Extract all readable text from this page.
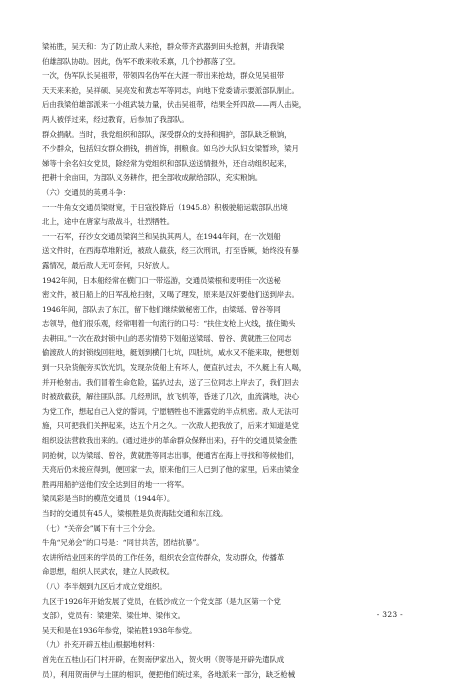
梁祐胜，吴天和：为了防止敌人来抢，群众带齐武器到田头抢割，并请我梁

伯雄部队协助。因此，伪军不敢来收禾禀，几个抄都落了空。

一次，伪军队长吴祖带，带领四名伪军在大涯一带出来抢劫，群众见吴祖带

天天来来抢，吴祥硕、吴亮发和黄志军等同志，向地下党委请示要派部队制止。

后由我梁伯雄部派来一小组武装力量，伏击吴祖带，结果全歼四敌——两人击毙，

两人被俘过来，经过教育，后参加了我部队。

群众捐献。当时，我党组织和部队，深受群众的支持和拥护，部队缺乏粮饷，

不少群众，包括妇女群众捐钱，捐首饰，捐粮食。如乌沙大队妇女梁暂珍，梁月

娣等十余名妇女党员，除经常为党组织和部队送送情报外，还自动组织起来，

把耕十余亩田，为部队义务耕作，把全部收成献给部队，充实粮饷。

（六）交通员的英勇斗争：

一一牛角女交通员梁财宽，于日寇投降后（1945.8）积极驶船运载部队出境

北上，途中在唐家与敌战斗，壮烈牺牲。

一一石军，孖沙女交通员梁润兰和吴执其两人，在1944年间，在一次划船

送文件时，在西海草堆附近，被敌人截获，经三次刑讯，打至昏厥，始终没有暴

露情况，最后敌人无可奈何，只好放人。

1942年间，日本船经常在横门口一带巡游，交通员梁根和麦明佳一次送秘

密文件，被日船上的日军乱枪扫射，又喝了理发，原来是汉奸要他们送到岸去。

1946年间，部队去了东江，留下他们继续做秘密工作，由梁瑶、曾谷等同

志领导，他们很乐观，经常唱着一句流行的口号：“扶住支枪上火线，揸住锄头

去耕田。”一次在敌封锁中山的恶劣情势下划船送梁瑶、曾谷、黄就胜三位同志

偷渡敌人的封锁线回驻地，艇划到横门七坑，四肚坑，咸水又不能来取，便想划

到一只杂货舰旁买饮光饥，发现杂货船上有坏人，便直扒过去，不久艇上有人喝，

并开枪射击。我们冒着生命危险，猛扒过去，送了三位同志上岸去了，我们回去

时被敌截获，解往匪队部。几经刑讯，放飞机等，昏迷了几次，血流满地，决心

为党工作，想起自己入党的誓词，宁愿牺牲也不泄露党的半点机密。敌人无法可

施，只可把我们关押起来，达五个月之久。一次敌人把我放了，后来才知道是党

组织设法营救我出来的。(通过进步的革命群众保释出来)，孖牛的交通员梁金胜

同抢树，以为梁瑶、曾谷，黄就胜等同志出事，便通宵在海上寻找和等候他们，

天亮后仍未接应得到，便回家一去，原来他们三人已到了他的家里，后来由梁金

胜再用船护送他们安全达到目的地一一将军。

梁凤彩是当时的模范交通员（1944年）。

当时的交通员有45人，梁根胜是负责海陆交通和东江线。

（七）“关帝会”属下有十三个分会。

牛角“兄弟会”的口号是：“同甘共苦，团结抗暴”。

农讲所结业回来的学员的工作任务，组织农会宣传群众，发动群众，传播革

命思想，组织人民武农，建立人民政权。

（八）李半烟到九区后才成立党组织。

九区于1926年开始发展了党员，在低沙成立一个党支部（是九区第一个党

支部），党员有：梁建荣、梁仕坤、梁伟文。

吴天和是在1936年参党，梁祐胜1938年参党。

（九）扑充开辟五桂山根据地材料：

首先在五桂山石门村开辟，在贺南伊家出入，贺火明（贺等是开辟先遣队成

员），利用贺南伊与土匪的相识，便把他们统过来，各地派来一部分，缺乏枪械

- 323 -
